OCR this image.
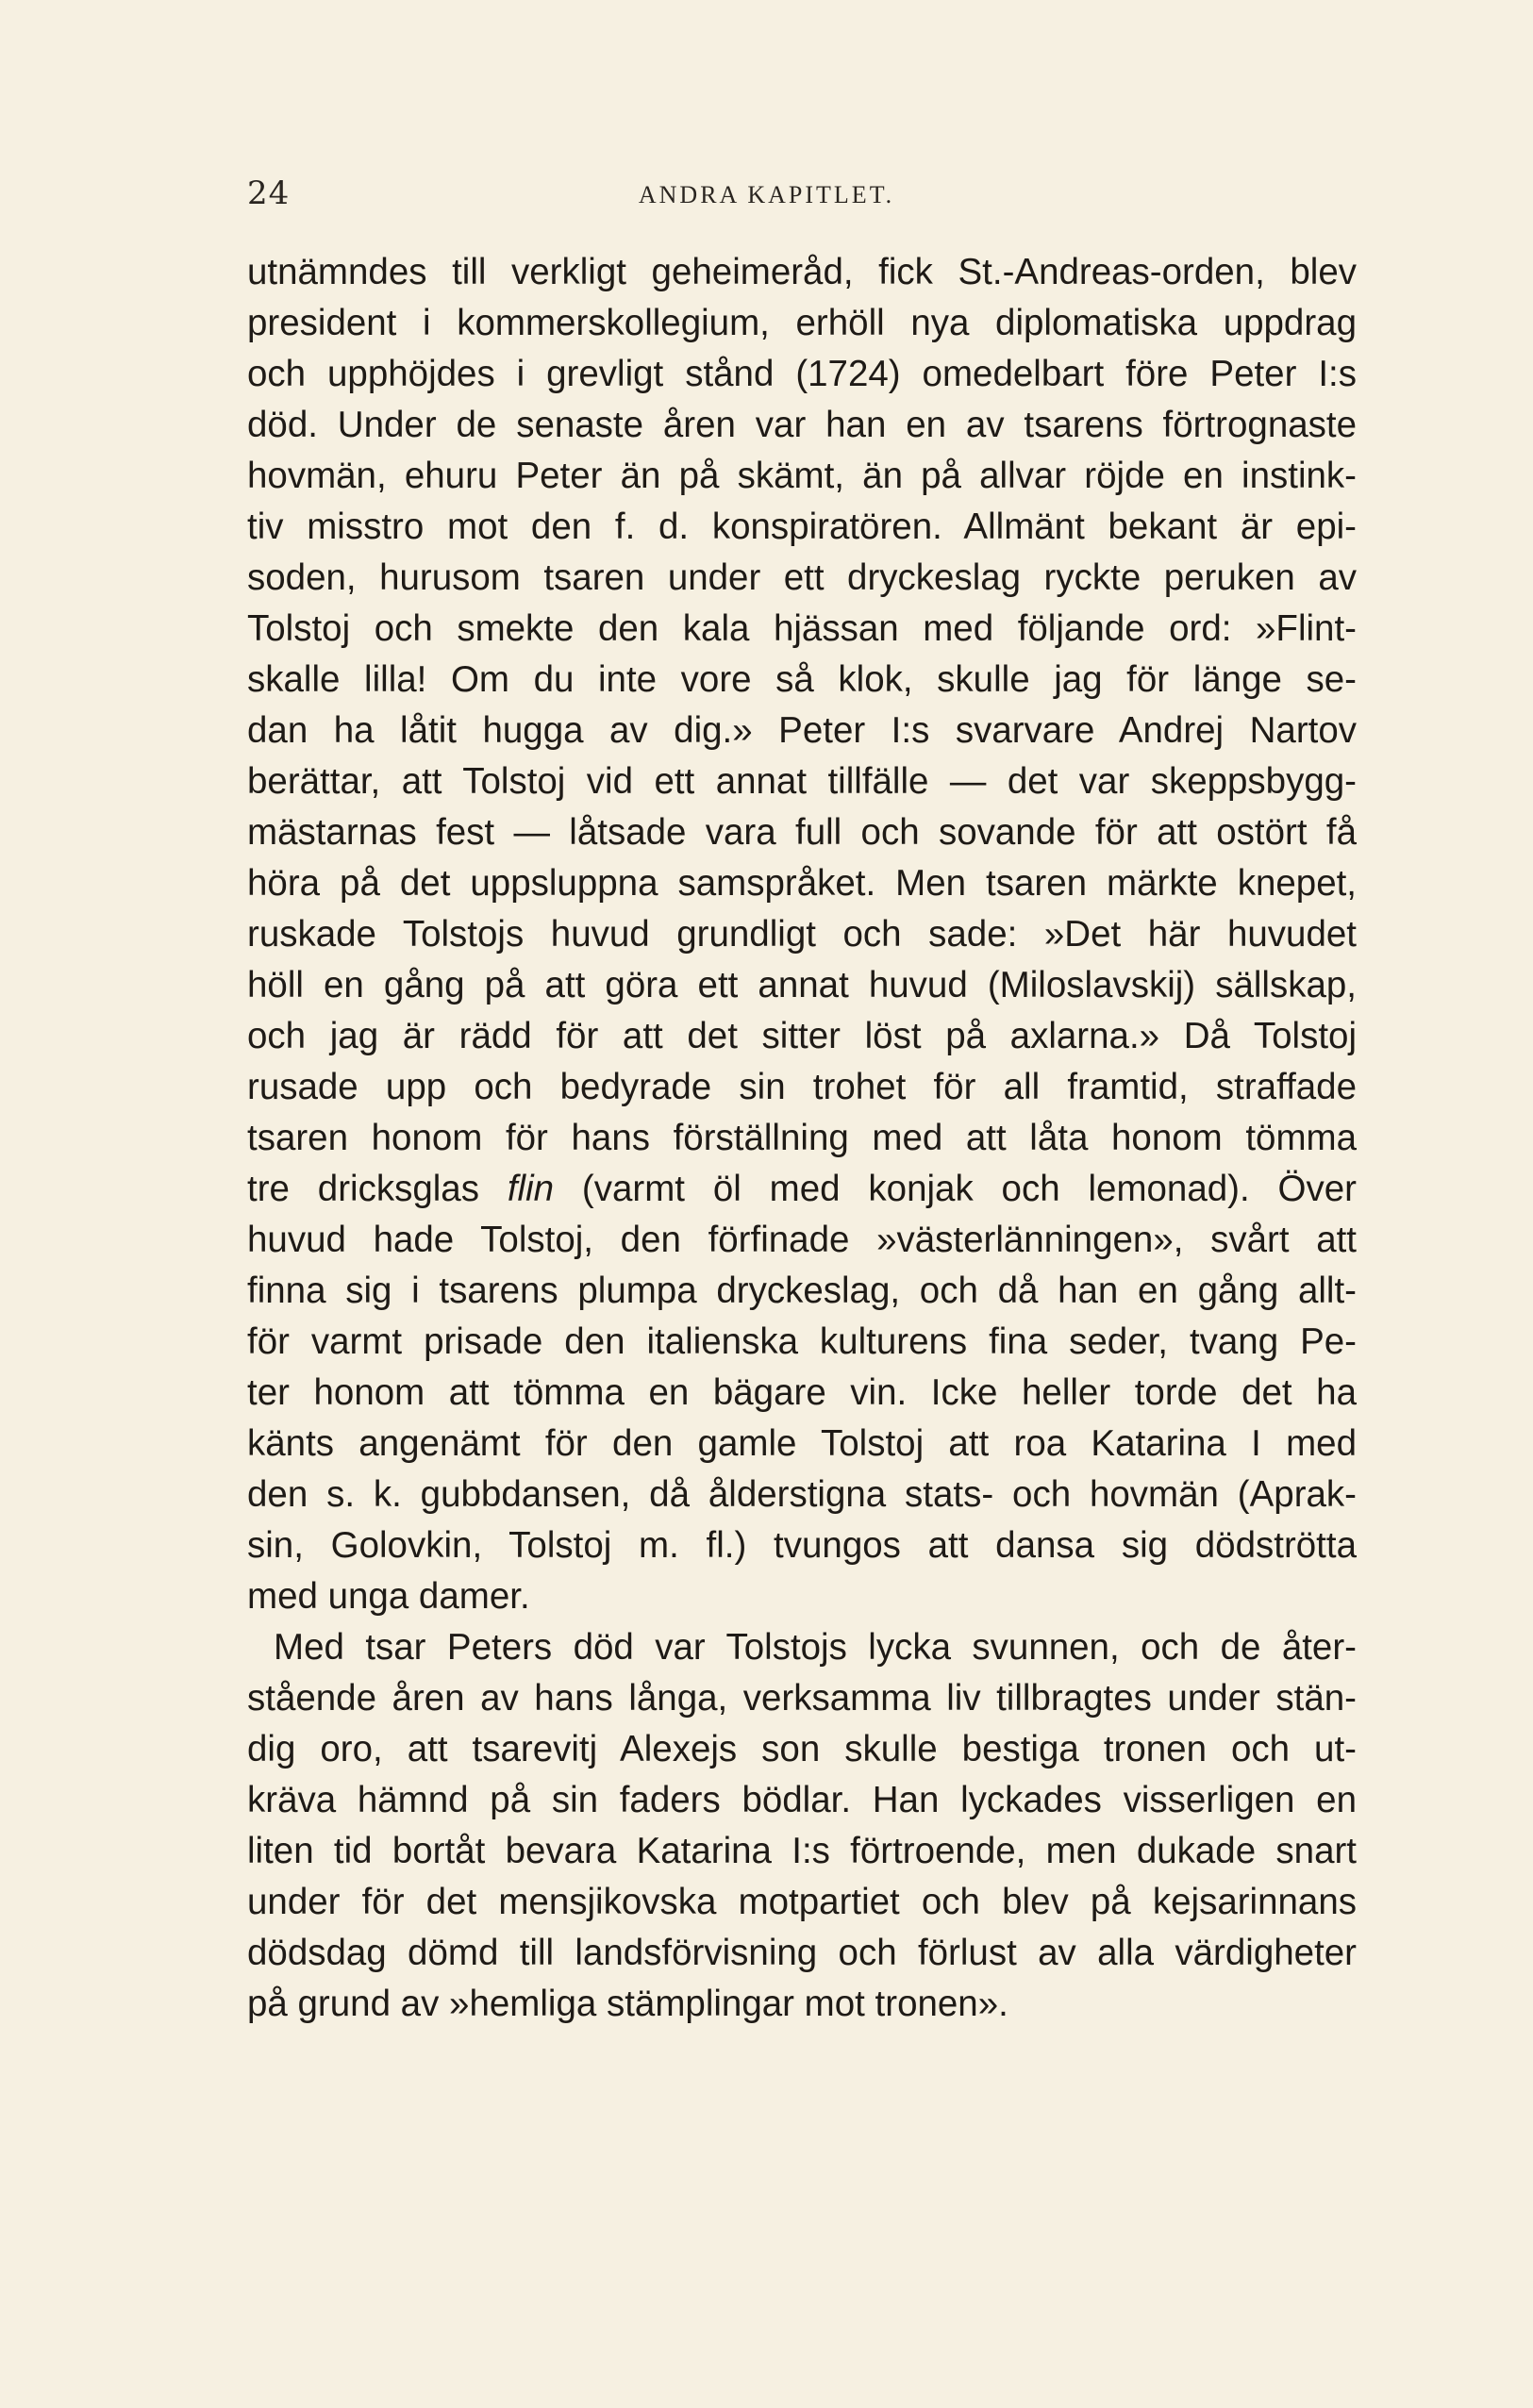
24	ANDRA KAPITLET.
utnämndes till verkligt geheimeråd, fick St.-Andreas-orden, blev
president i kommerskollegium, erhöll nya diplomatiska uppdrag
och upphöjdes i grevligt stånd (1724) omedelbart före Peter I:s
död. Under de senaste åren var han en av tsarens förtrognaste
hovmän, ehuru Peter än på skämt, än på allvar röjde en instink-
tiv misstro mot den f. d. konspiratören. Allmänt bekant är epi-
soden, hurusom tsaren under ett dryckeslag ryckte peruken av
Tolstoj och smekte den kala hjässan med följande ord: »Flint-
skalle lilla! Om du inte vore så klok, skulle jag för länge se-
dan ha låtit hugga av dig.» Peter I:s svarvare Andrej Nartov
berättar, att Tolstoj vid ett annat tillfälle — det var skeppsbygg-
mästarnas fest — låtsade vara full och sovande för att ostört få
höra på det uppsluppna samspråket. Men tsaren märkte knepet,
ruskade Tolstojs huvud grundligt och sade: »Det här huvudet
höll en gång på att göra ett annat huvud (Miloslavskij) sällskap,
och jag är rädd för att det sitter löst på axlarna.» Då Tolstoj
rusade upp och bedyrade sin trohet för all framtid, straffade
tsaren honom för hans förställning med att låta honom tömma
tre dricksglas flin (varmt öl med konjak och lemonad). Över
huvud hade Tolstoj, den förfinade »västerlänningen», svårt att
finna sig i tsarens plumpa dryckeslag, och då han en gång allt-
för varmt prisade den italienska kulturens fina seder, tvang Pe-
ter honom att tömma en bägare vin. Icke heller torde det ha
känts angenämt för den gamle Tolstoj att roa Katarina I med
den s. k. gubbdansen, då ålderstigna stats- och hovmän (Aprak-
sin, Golovkin, Tolstoj m. fl.) tvungos att dansa sig dödströtta
med unga damer.
Med tsar Peters död var Tolstojs lycka svunnen, och de åter-
stående åren av hans långa, verksamma liv tillbragtes under stän-
dig oro, att tsarevitj Alexejs son skulle bestiga tronen och ut-
kräva hämnd på sin faders bödlar. Han lyckades visserligen en
liten tid bortåt bevara Katarina I:s förtroende, men dukade snart
under för det mensjikovska motpartiet och blev på kejsarinnans
dödsdag dömd till landsförvisning och förlust av alla värdigheter
på grund av »hemliga stämplingar mot tronen».
